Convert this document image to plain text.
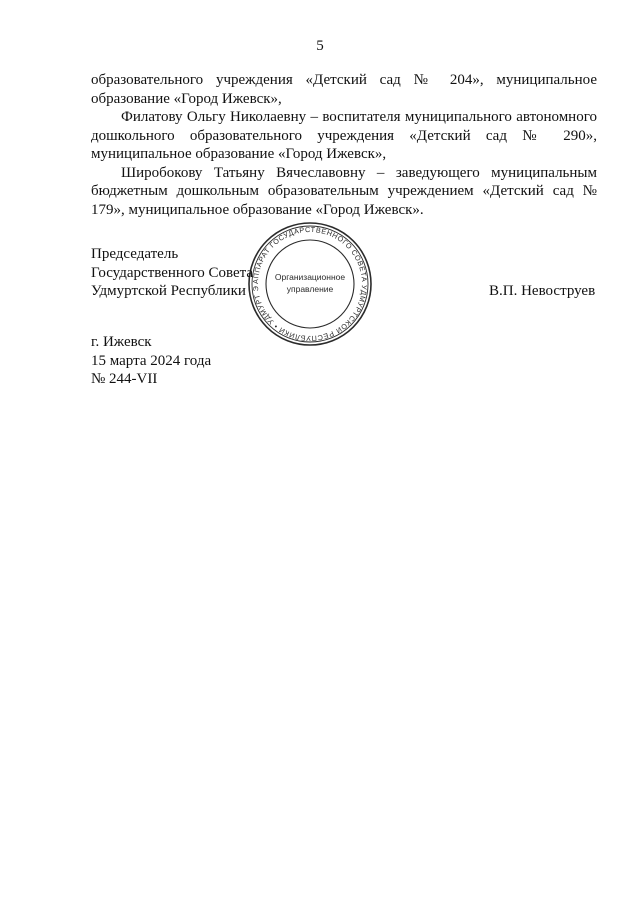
5

образовательного учреждения «Детский сад № 204», муниципальное образование «Город Ижевск»,

Филатову Ольгу Николаевну – воспитателя муниципального автономного дошкольного образовательного учреждения «Детский сад № 290», муниципальное образование «Город Ижевск»,

Широбокову Татьяну Вячеславовну – заведующего муниципальным бюджетным дошкольным образовательным учреждением «Детский сад № 179», муниципальное образование «Город Ижевск».

АППАРАТ ГОСУДАРСТВЕННОГО СОВЕТА УДМУРТСКОЙ РЕСПУБЛИКИ • УДМУРТ Э
Организационное
управление
Председатель
Государственного Совета
Удмуртской Республики	В.П. Невоструев
г. Ижевск
15 марта 2024 года
№ 244-VII
